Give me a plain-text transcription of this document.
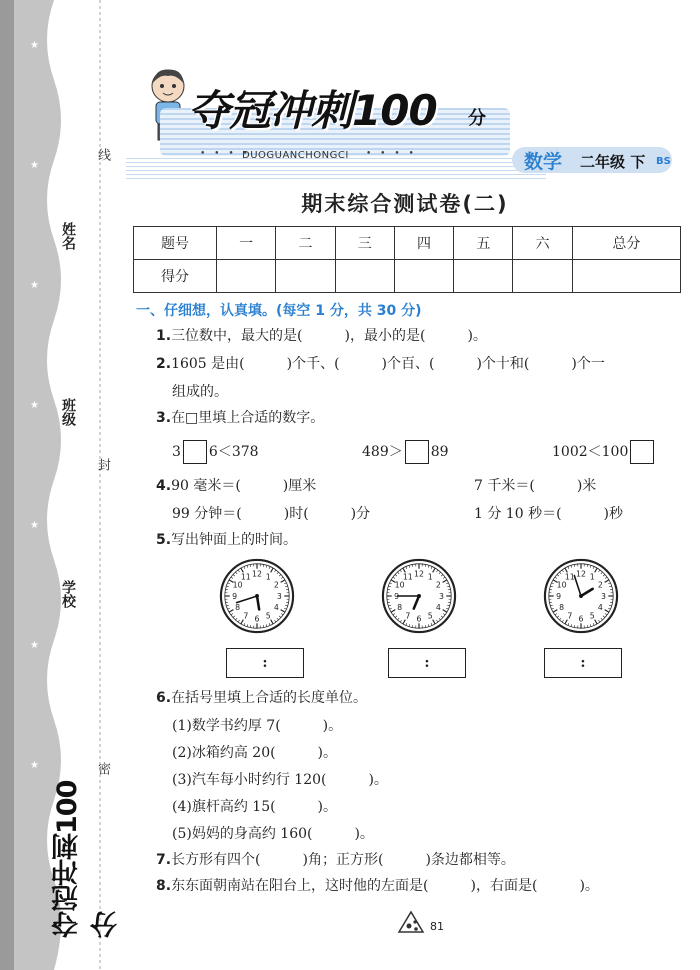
★
★
★
★
★
★
★
姓名
班级
学校
线
封
密
夺冠冲刺100分
夺冠冲刺100 分
• • • •
DUOGUANCHONGCI • • • •	数学 二年级 下 BS
期末综合测试卷(二)
题号	一	二	三	四	五	六	总分
得分							
一、仔细想，认真填。(每空 1 分，共 30 分)
1.三位数中，最大的是(　　　)，最小的是(　　　)。
2.1605 是由(　　　)个千、(　　　)个百、(　　　)个十和(　　　)个一
组成的。
3.在□里填上合适的数字。
3 6＜378	489＞ 89	1002＜100
4.90 毫米＝(　　　)厘米	7 千米＝(　　　)米
99 分钟＝(　　　)时(　　　)分	1 分 10 秒＝(　　　)秒
5.写出钟面上的时间。
1
2
3
4
5
6
7
8
9
10
11 12	1
2
3
4
5
6
7
8
9
10
11 12	1
2
3
4
5
6
7
8
9
10
11 12
:	:	:
6.在括号里填上合适的长度单位。
(1)数学书约厚 7(　　　)。
(2)冰箱约高 20(　　　)。
(3)汽车每小时约行 120(　　　)。
(4)旗杆高约 15(　　　)。
(5)妈妈的身高约 160(　　　)。
7.长方形有四个(　　　)角；正方形(　　　)条边都相等。
8.东东面朝南站在阳台上，这时他的左面是(　　　)，右面是(　　　)。
81
